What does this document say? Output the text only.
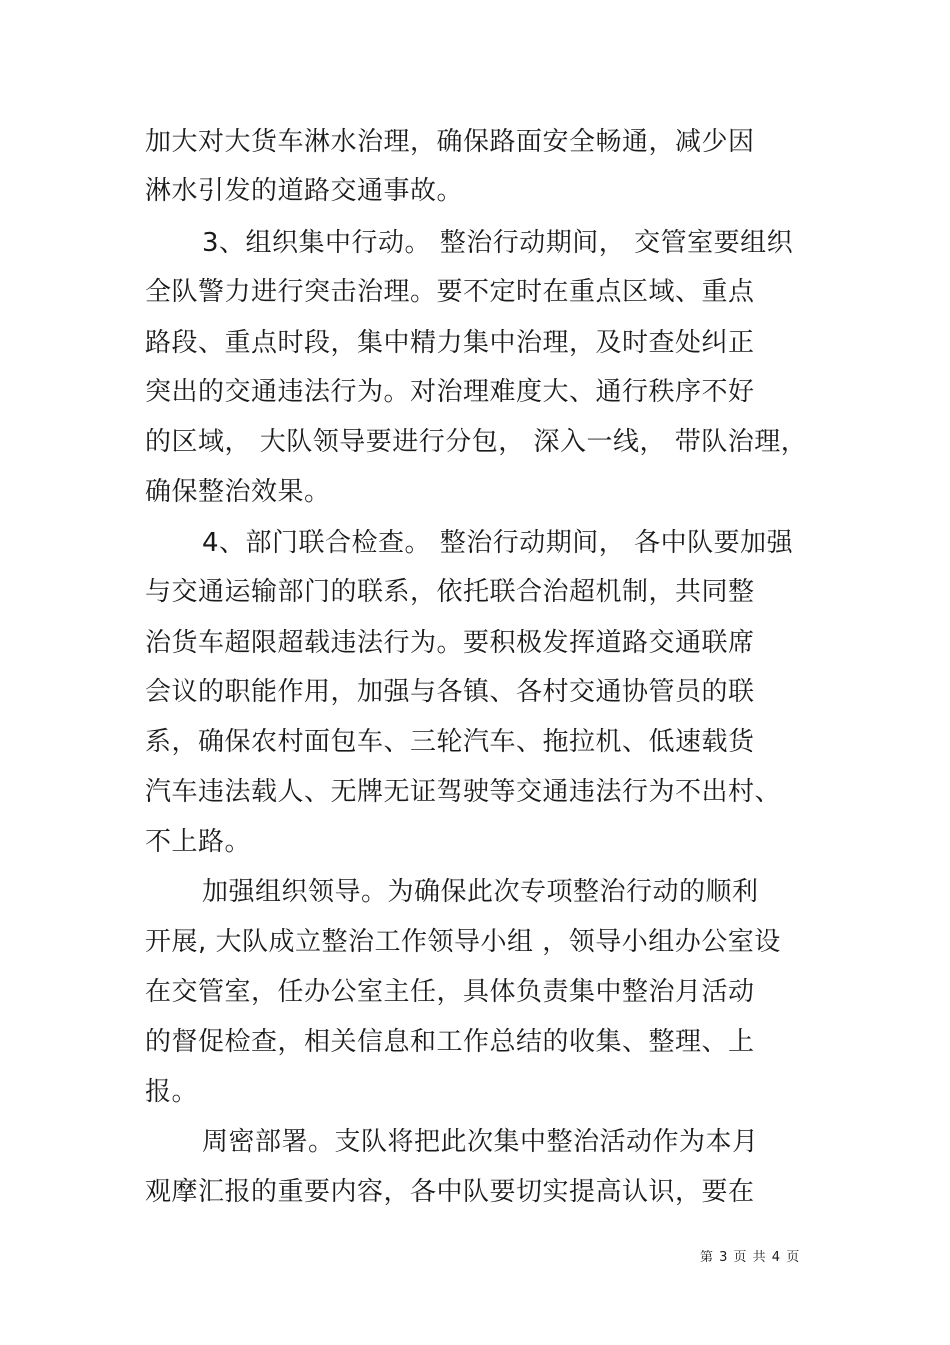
加大对大货车淋水治理，确保路面安全畅通，减少因
淋水引发的道路交通事故。
3、组织集中行动。 整治行动期间， 交管室要组织
全队警力进行突击治理。要不定时在重点区域、重点
路段、重点时段，集中精力集中治理，及时查处纠正
突出的交通违法行为。对治理难度大、通行秩序不好
的区域， 大队领导要进行分包， 深入一线， 带队治理，
确保整治效果。
4、部门联合检查。 整治行动期间， 各中队要加强
与交通运输部门的联系，依托联合治超机制，共同整
治货车超限超载违法行为。要积极发挥道路交通联席
会议的职能作用，加强与各镇、各村交通协管员的联
系，确保农村面包车、三轮汽车、拖拉机、低速载货
汽车违法载人、无牌无证驾驶等交通违法行为不出村、
不上路。
加强组织领导。为确保此次专项整治行动的顺利
开展, 大队成立整治工作领导小组 ，领导小组办公室设
在交管室，任办公室主任，具体负责集中整治月活动
的督促检查，相关信息和工作总结的收集、整理、上
报。
周密部署。支队将把此次集中整治活动作为本月
观摩汇报的重要内容，各中队要切实提高认识，要在
第 3 页 共 4 页
